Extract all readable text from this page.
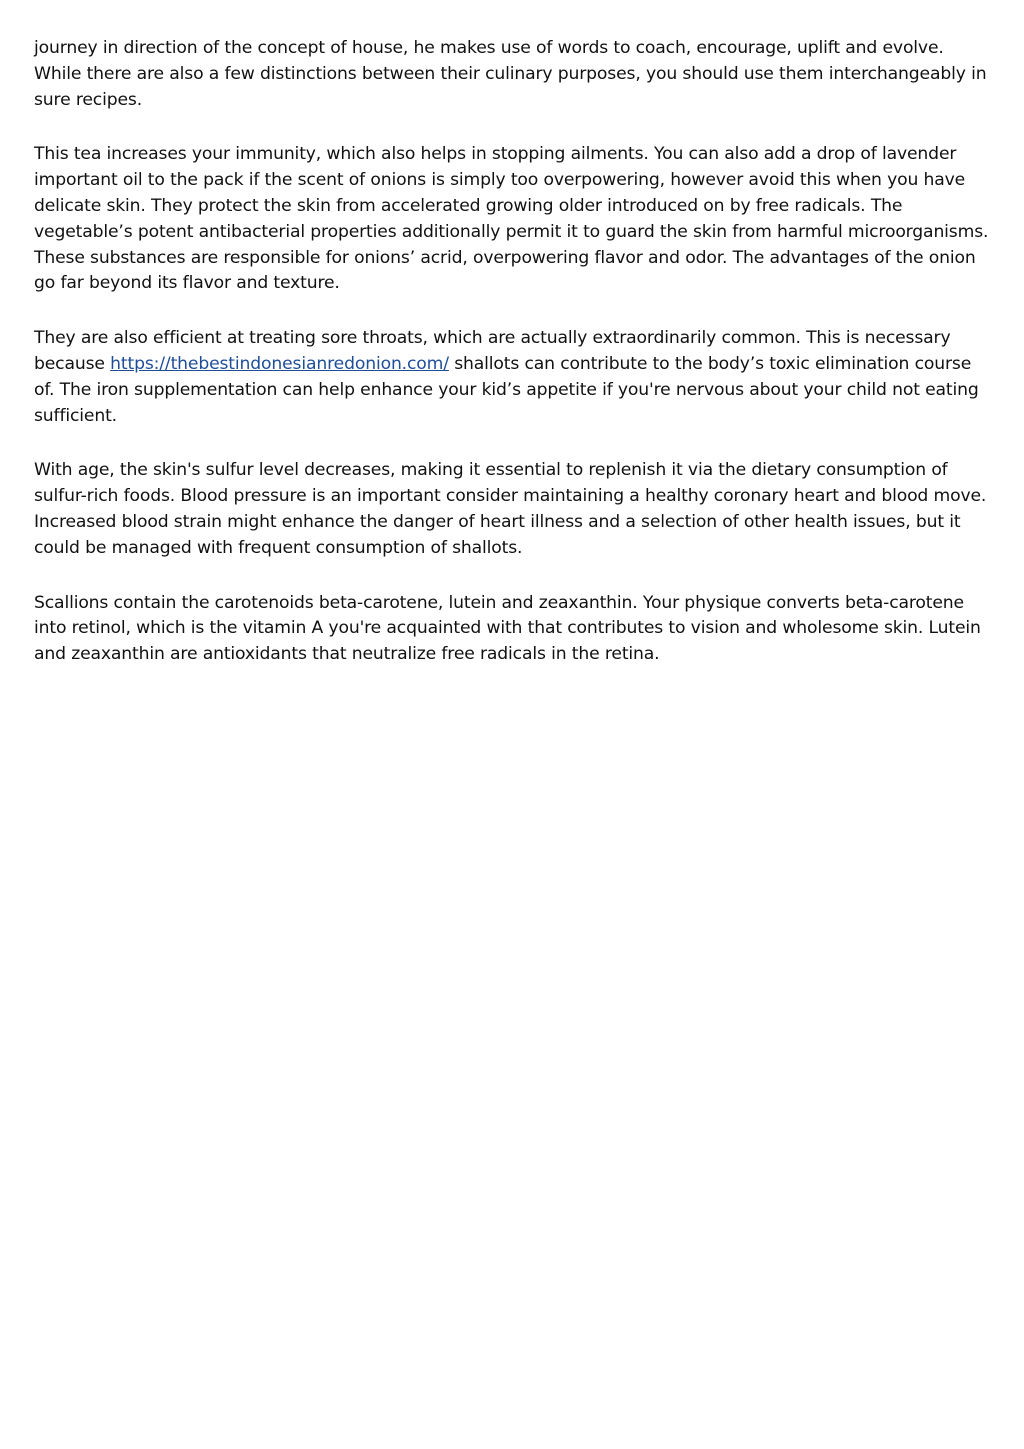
journey in direction of the concept of house, he makes use of words to coach, encourage, uplift and evolve. While there are also a few distinctions between their culinary purposes, you should use them interchangeably in sure recipes.

This tea increases your immunity, which also helps in stopping ailments. You can also add a drop of lavender important oil to the pack if the scent of onions is simply too overpowering, however avoid this when you have delicate skin. They protect the skin from accelerated growing older introduced on by free radicals. The vegetable’s potent antibacterial properties additionally permit it to guard the skin from harmful microorganisms. These substances are responsible for onions’ acrid, overpowering flavor and odor. The advantages of the onion go far beyond its flavor and texture.

They are also efficient at treating sore throats, which are actually extraordinarily common. This is necessary because https://thebestindonesianredonion.com/ shallots can contribute to the body’s toxic elimination course of. The iron supplementation can help enhance your kid’s appetite if you're nervous about your child not eating sufficient.

With age, the skin's sulfur level decreases, making it essential to replenish it via the dietary consumption of sulfur-rich foods. Blood pressure is an important consider maintaining a healthy coronary heart and blood move. Increased blood strain might enhance the danger of heart illness and a selection of other health issues, but it could be managed with frequent consumption of shallots.

Scallions contain the carotenoids beta-carotene, lutein and zeaxanthin. Your physique converts beta-carotene into retinol, which is the vitamin A you're acquainted with that contributes to vision and wholesome skin. Lutein and zeaxanthin are antioxidants that neutralize free radicals in the retina.
